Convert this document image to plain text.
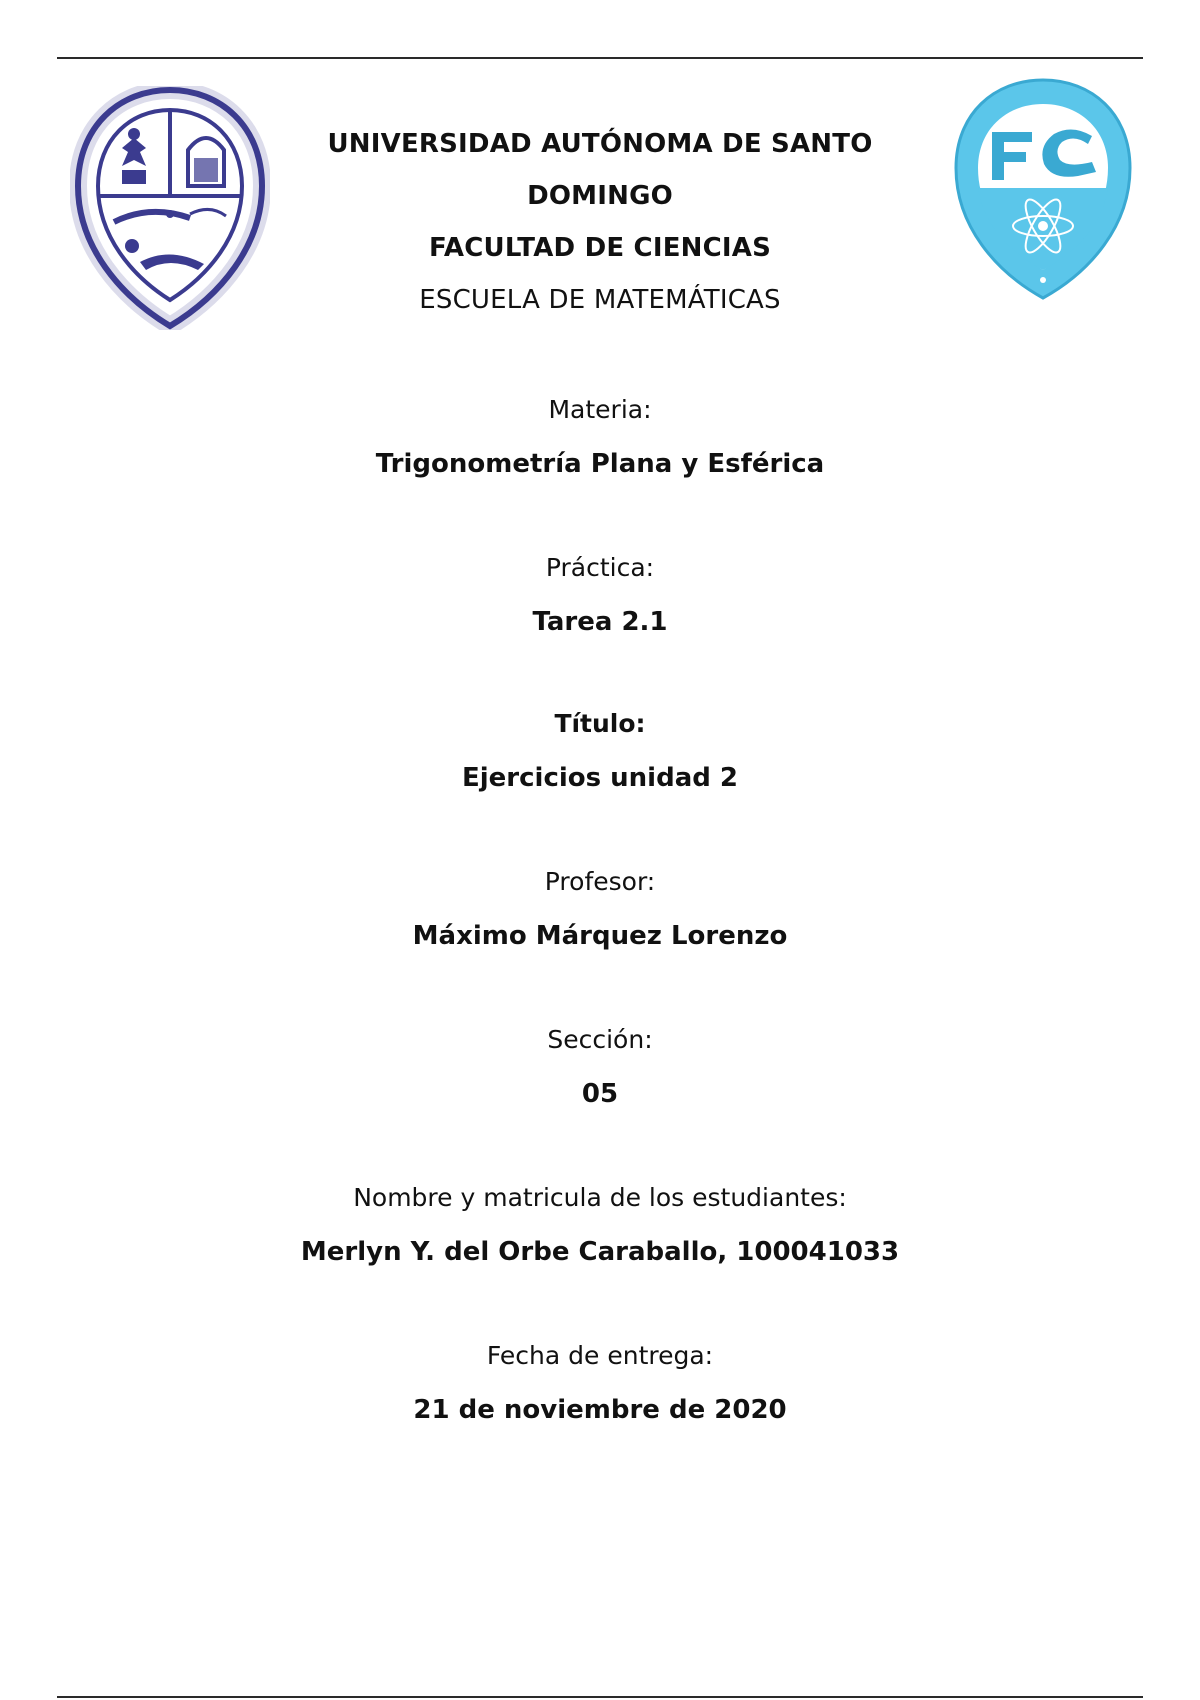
UNIVERSIDAD AUTÓNOMA DE SANTO DOMINGO
FACULTAD DE CIENCIAS
ESCUELA DE MATEMÁTICAS
Materia:
Trigonometría Plana y Esférica
Práctica:
Tarea 2.1
Título:
Ejercicios unidad 2
Profesor:
Máximo Márquez Lorenzo
Sección:
05
Nombre y matricula de los estudiantes:
Merlyn Y. del Orbe Caraballo, 100041033
Fecha de entrega:
21 de noviembre de 2020
